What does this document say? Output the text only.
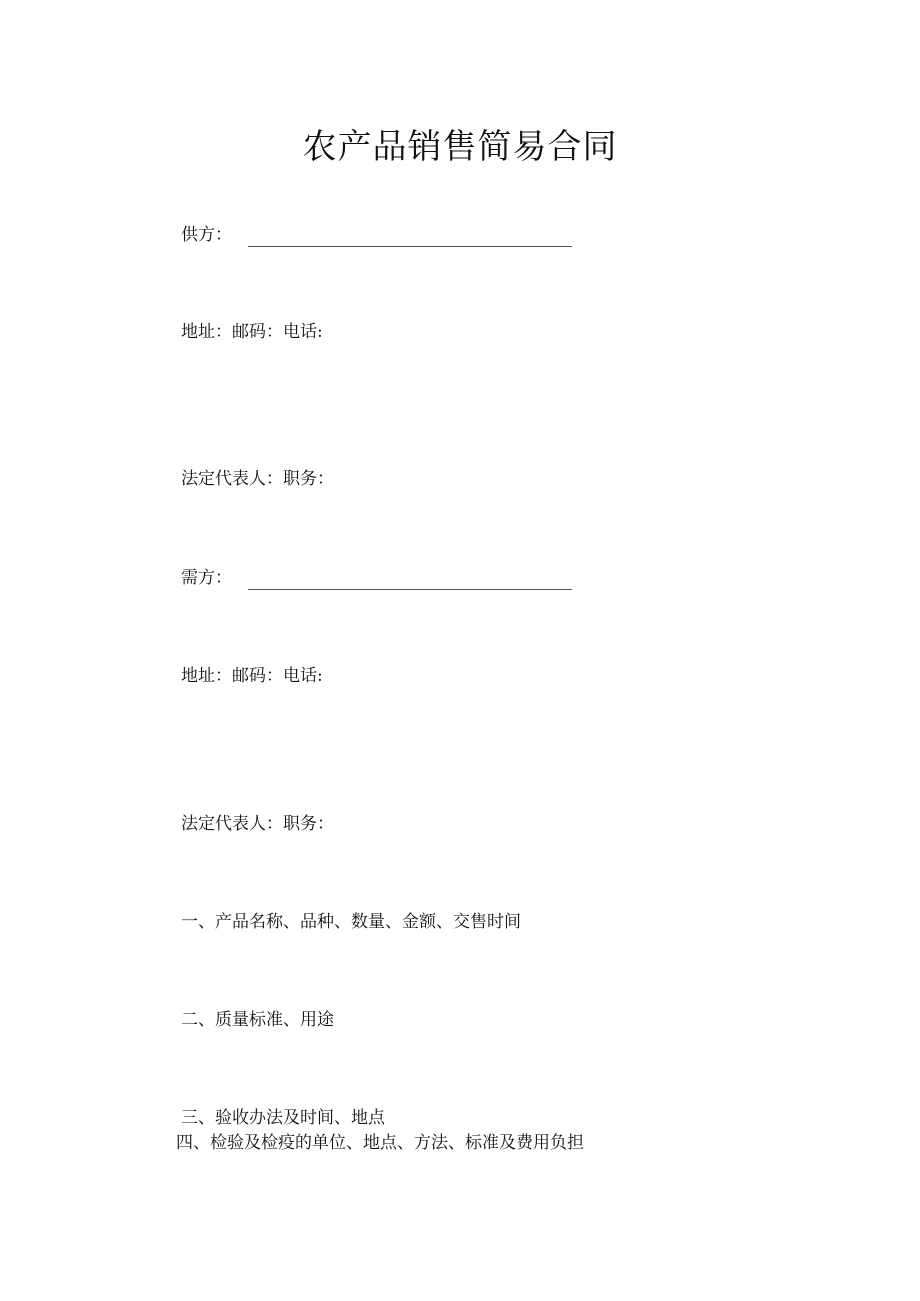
农产品销售简易合同
供方：
地址：邮码：电话:
法定代表人：职务：
需方：
地址：邮码：电话:
法定代表人：职务：
一、产品名称、品种、数量、金额、交售时间
二、质量标准、用途
三、验收办法及时间、地点
四、检验及检疫的单位、地点、方法、标准及费用负担
